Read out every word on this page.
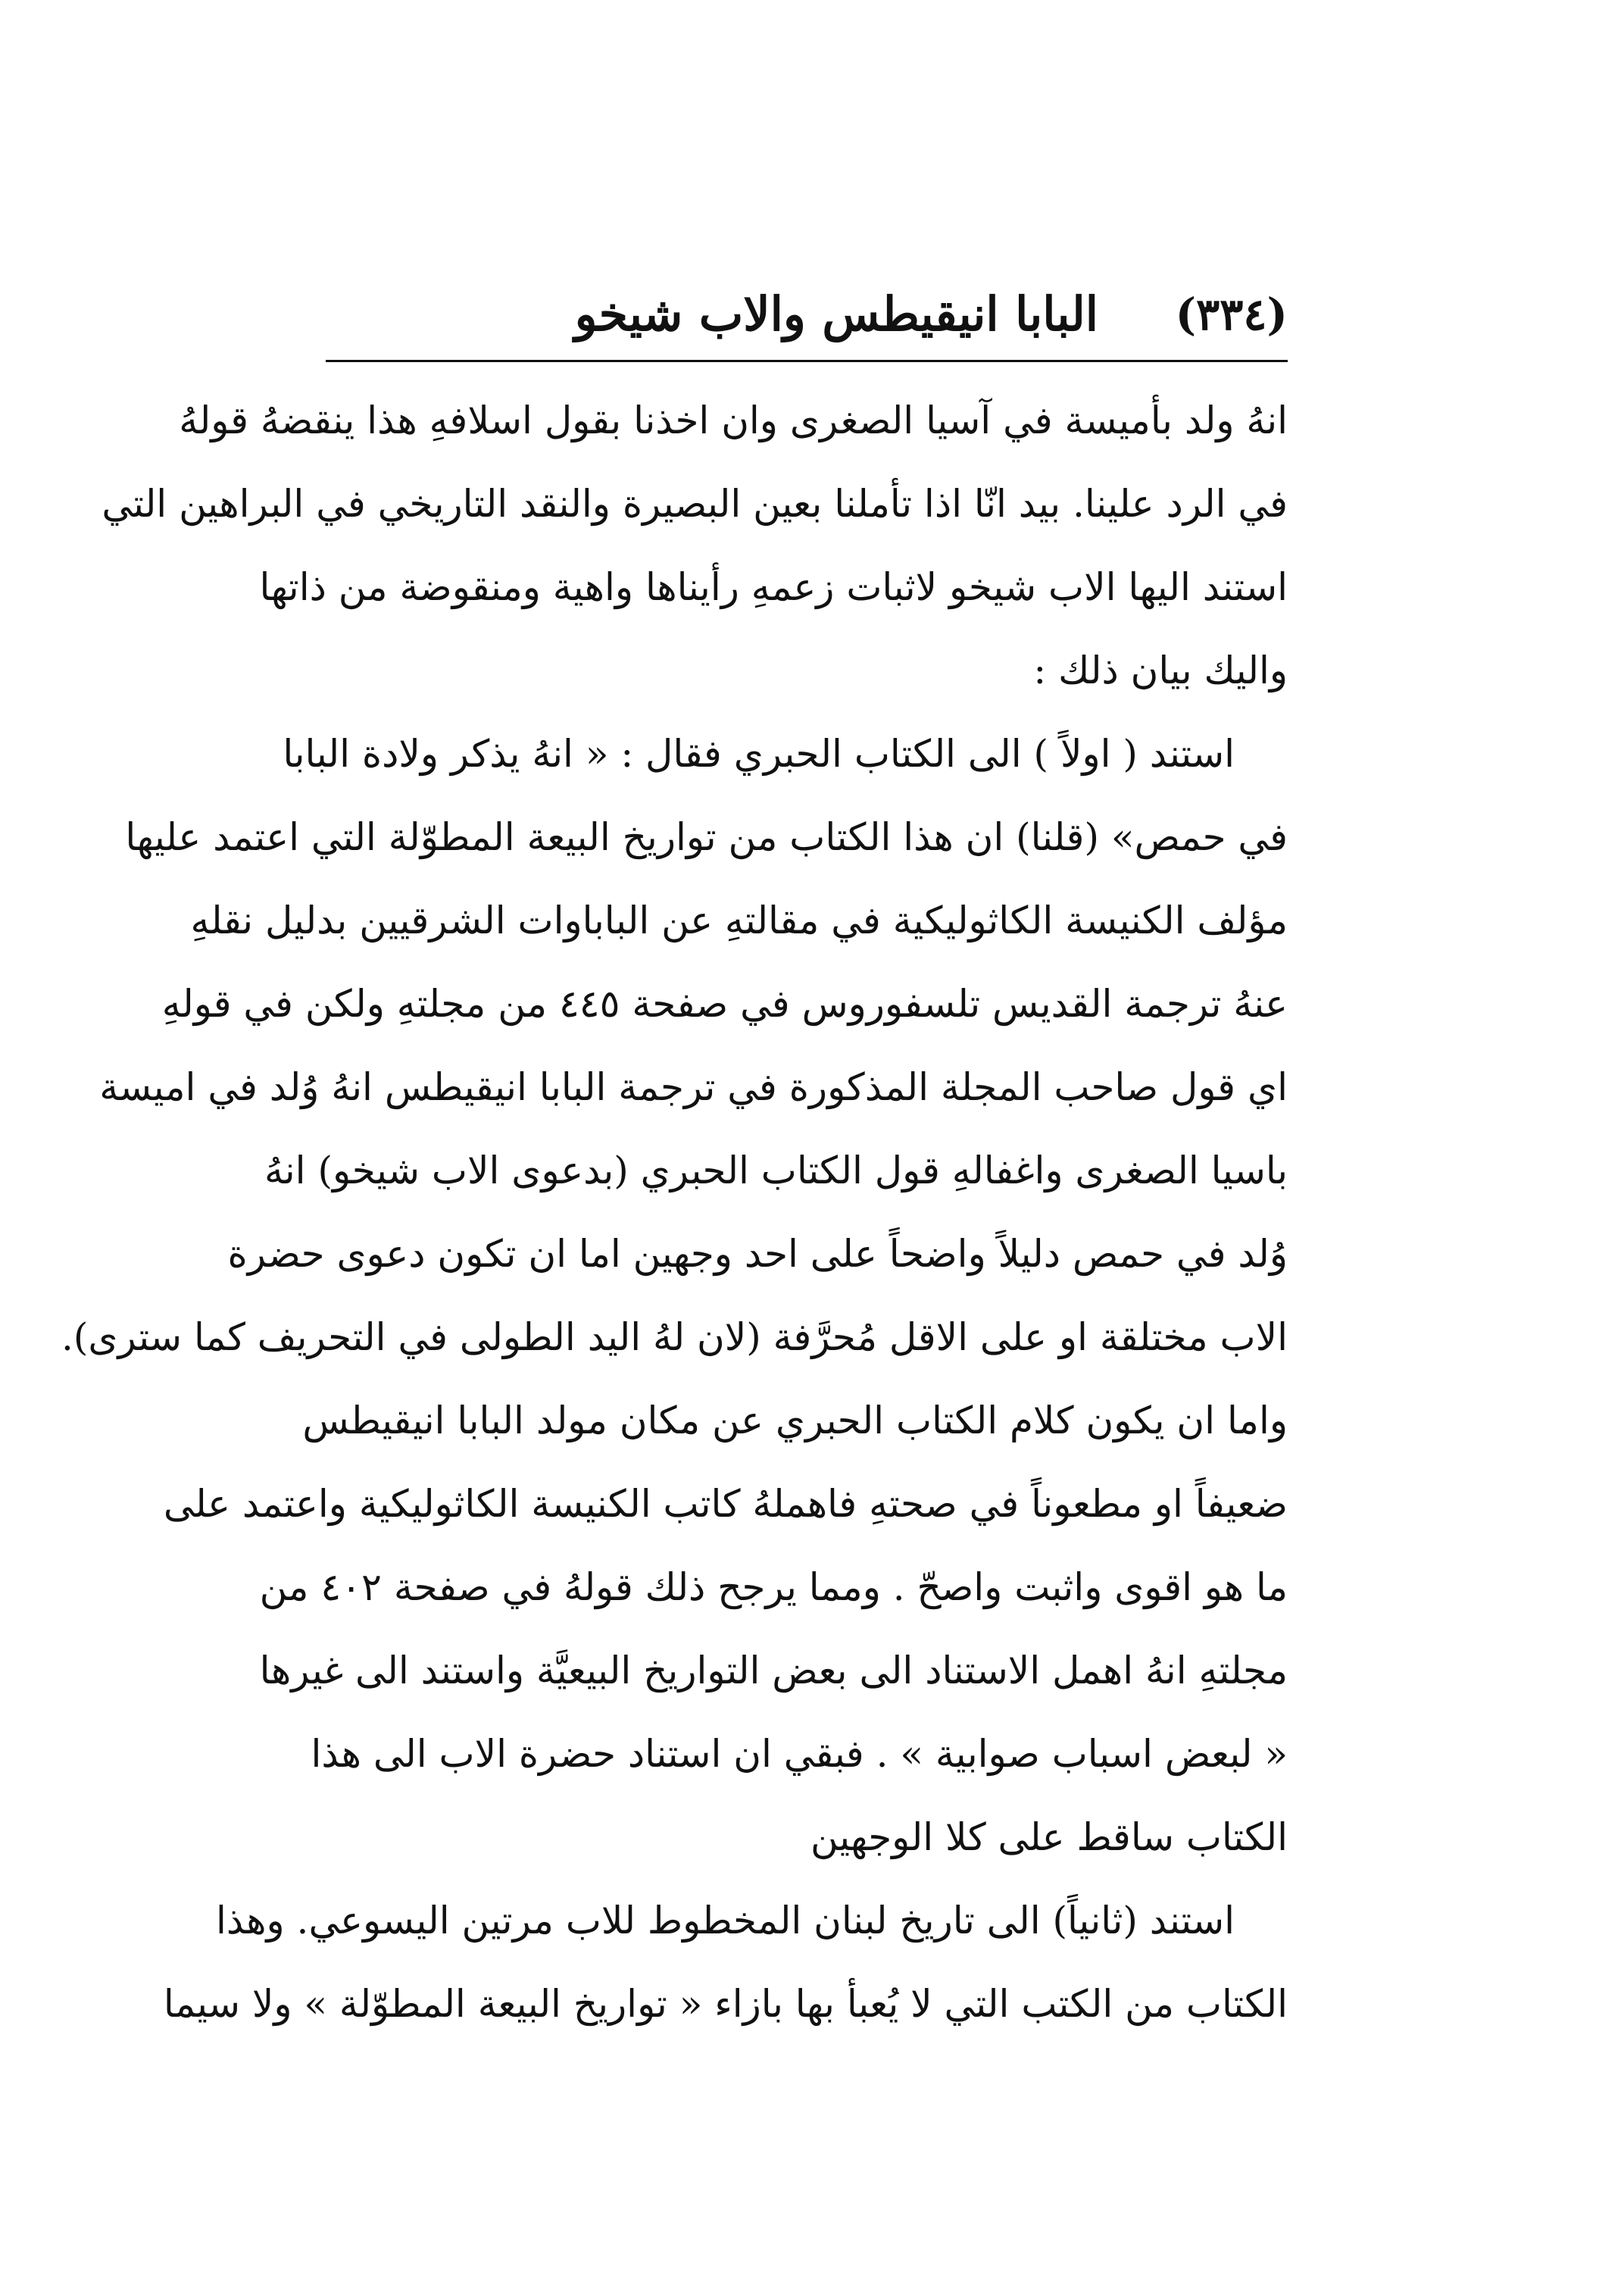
(٣٣٤)
البابا انيقيطس والاب شيخو
انهُ ولد بأميسة في آسيا الصغرى وان اخذنا بقول اسلافهِ هذا ينقضهُ قولهُ
في الرد علينا. بيد انّا اذا تأملنا بعين البصيرة والنقد التاريخي في البراهين التي
استند اليها الاب شيخو لاثبات زعمهِ رأيناها واهية ومنقوضة من ذاتها
واليك بيان ذلك :
استند ( اولاً ) الى الكتاب الحبري فقال : « انهُ يذكر ولادة البابا
في حمص» (قلنا) ان هذا الكتاب من تواريخ البيعة المطوّلة التي اعتمد عليها
مؤلف الكنيسة الكاثوليكية في مقالتهِ عن الباباوات الشرقيين بدليل نقلهِ
عنهُ ترجمة القديس تلسفوروس في صفحة ٤٤٥ من مجلتهِ ولكن في قولهِ
اي قول صاحب المجلة المذكورة في ترجمة البابا انيقيطس انهُ وُلد في اميسة
باسيا الصغرى واغفالهِ قول الكتاب الحبري (بدعوى الاب شيخو) انهُ
وُلد في حمص دليلاً واضحاً على احد وجهين اما ان تكون دعوى حضرة
الاب مختلقة او على الاقل مُحرَّفة (لان لهُ اليد الطولى في التحريف كما سترى).
واما ان يكون كلام الكتاب الحبري عن مكان مولد البابا انيقيطس
ضعيفاً او مطعوناً في صحتهِ فاهملهُ كاتب الكنيسة الكاثوليكية واعتمد على
ما هو اقوى واثبت واصحّ . ومما يرجح ذلك قولهُ في صفحة ٤٠٢ من
مجلتهِ انهُ اهمل الاستناد الى بعض التواريخ البيعيَّة واستند الى غيرها
« لبعض اسباب صوابية » . فبقي ان استناد حضرة الاب الى هذا
الكتاب ساقط على كلا الوجهين
استند (ثانياً) الى تاريخ لبنان المخطوط للاب مرتين اليسوعي. وهذا
الكتاب من الكتب التي لا يُعبأ بها بازاء « تواريخ البيعة المطوّلة » ولا سيما
